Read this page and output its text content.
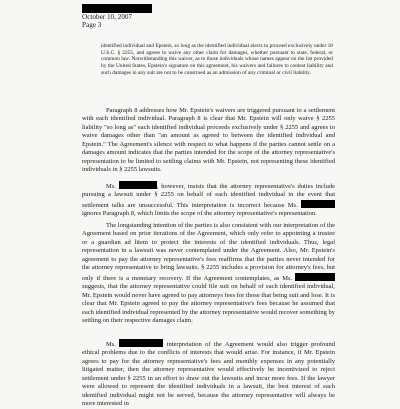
October 10, 2007
Page 3
identified individual and Epstein, so long as the identified individual elects to proceed exclusively under 18 U.S.C. § 2255, and agrees to waive any other claim for damages, whether pursuant to state, federal, or common law. Notwithstanding this waiver, as to those individuals whose names appear on the list provided by the United States, Epstein's signature on this agreement, his waivers and failures to contest liability and such damages in any suit are not to be construed as an admission of any criminal or civil liability.
Paragraph 8 addresses how Mr. Epstein's waivers are triggered pursuant to a settlement with each identified individual. Paragraph 8 is clear that Mr. Epstein will only waive § 2255 liability "so long as" each identified individual proceeds exclusively under § 2255 and agrees to waive damages other than "an amount as agreed to between the identified individual and Epstein." The Agreement's silence with respect to what happens if the parties cannot settle on a damages amount indicates that the parties intended for the scope of the attorney representative's representation to be limited to settling claims with Mr. Epstein, not representing these identified individuals in § 2255 lawsuits.
Ms.	, however, insists that the attorney representative's duties include pursuing a lawsuit under § 2255 on behalf of each identified individual in the event that settlement talks are unsuccessful. This interpretation is incorrect because Ms.  ignores Paragraph 8, which limits the scope of the attorney representative's representation.
The longstanding intention of the parties is also consistent with our interpretation of the Agreement based on prior iterations of the Agreement, which only refer to appointing a trustee or a guardian ad litem to protect the interests of the identified individuals. Thus, legal representation in a lawsuit was never contemplated under the Agreement. Also, Mr. Epstein's agreement to pay the attorney representative's fees reaffirms that the parties never intended for the attorney representative to bring lawsuits. § 2255 includes a provision for attorney's fees, but only if there is a monetary recovery. If the Agreement contemplates, as Ms.  suggests, that the attorney representative could file suit on behalf of each identified individual, Mr. Epstein would never have agreed to pay attorneys fees for those that being suit and lose. It is clear that Mr. Epstein agreed to pay the attorney representative's fees because he assumed that each identified individual represented by the attorney representative would recover something by settling on their respective damages claim.
Ms.	interpretation of the Agreement would also trigger profound ethical problems due to the conflicts of interests that would arise. For instance, if Mr. Epstein agrees to pay for the attorney representative's fees and monthly expenses in any potentially litigated matter, then the attorney representative would effectively be incentivized to reject settlement under § 2255 in an effort to draw out the lawsuits and incur more fees. If the lawyer were allowed to represent the identified individuals in a lawsuit, the best interest of each identified individual might not be served, because the attorney representative will always be more interested in
